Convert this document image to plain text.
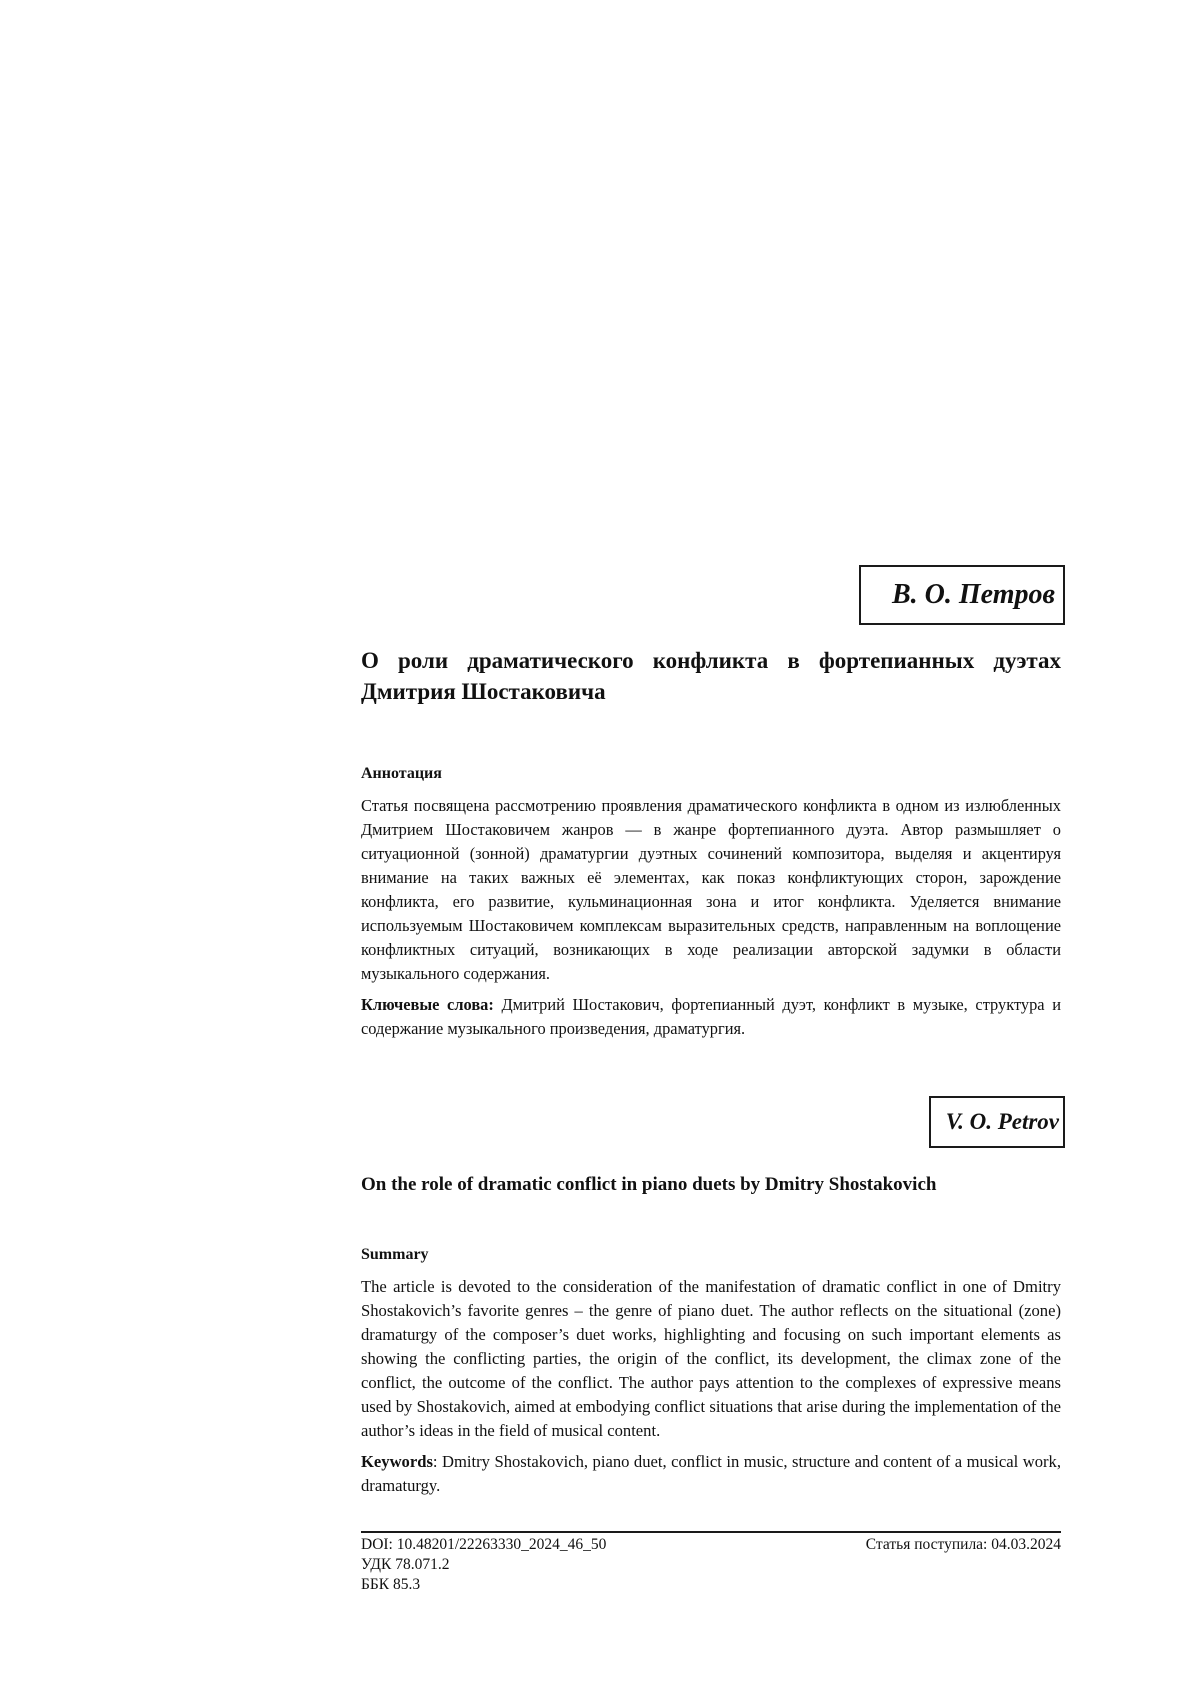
В. О. Петров
О роли драматического конфликта в фортепианных дуэтах Дмитрия Шостаковича
Аннотация

Статья посвящена рассмотрению проявления драматического конфликта в одном из излюбленных Дмитрием Шостаковичем жанров — в жанре фортепианного дуэта. Автор размышляет о ситуационной (зонной) драматургии дуэтных сочинений композитора, выделяя и акцентируя внимание на таких важных её элементах, как показ конфликтующих сторон, зарождение конфликта, его развитие, кульминационная зона и итог конфликта. Уделяется внимание используемым Шостаковичем комплексам выразительных средств, направленным на воплощение конфликтных ситуаций, возникающих в ходе реализации авторской задумки в области музыкального содержания.

Ключевые слова: Дмитрий Шостакович, фортепианный дуэт, конфликт в музыке, структура и содержание музыкального произведения, драматургия.

V. O. Petrov
On the role of dramatic conflict in piano duets by Dmitry Shostakovich
Summary

The article is devoted to the consideration of the manifestation of dramatic conflict in one of Dmitry Shostakovich’s favorite genres – the genre of piano duet. The author reflects on the situational (zone) dramaturgy of the composer’s duet works, highlighting and focusing on such important elements as showing the conflicting parties, the origin of the conflict, its development, the climax zone of the conflict, the outcome of the conflict. The author pays attention to the complexes of expressive means used by Shostakovich, aimed at embodying conflict situations that arise during the implementation of the author’s ideas in the field of musical content.

Keywords: Dmitry Shostakovich, piano duet, conflict in music, structure and content of a musical work, dramaturgy.

DOI: 10.48201/22263330_2024_46_50

УДК 78.071.2

ББК 85.3

Статья поступила: 04.03.2024
